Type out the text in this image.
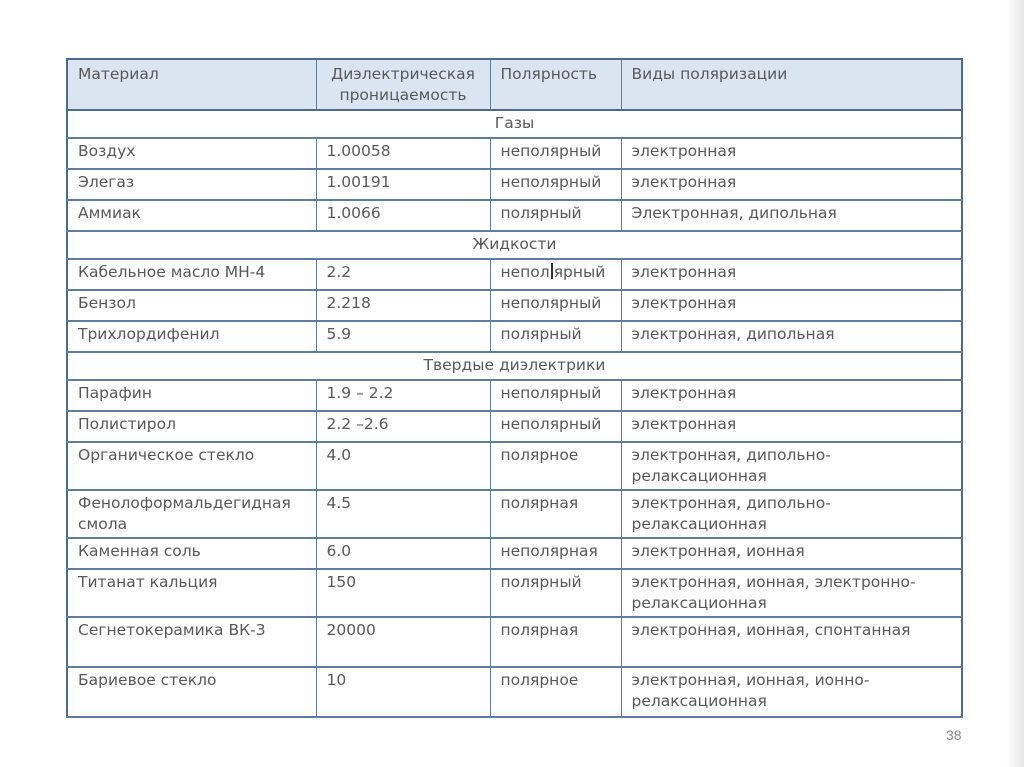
Материал	Диэлектрическая проницаемость	Полярность	Виды поляризации
Газы			
Воздух	1.00058	неполярный	электронная
Элегаз	1.00191	неполярный	электронная
Аммиак	1.0066	полярный	Электронная, дипольная
Жидкости			
Кабельное масло МН-4	2.2	непол ярный	электронная
Бензол	2.218	неполярный	электронная
Трихлордифенил	5.9	полярный	электронная, дипольная
Твердые диэлектрики			
Парафин	1.9 – 2.2	неполярный	электронная
Полистирол	2.2 –2.6	неполярный	электронная
Органическое стекло	4.0	полярное	электронная, дипольно-релаксационная
Фенолоформальдегидная смола	4.5	полярная	электронная, дипольно-релаксационная
Каменная соль	6.0	неполярная	электронная, ионная
Титанат кальция	150	полярный	электронная, ионная, электронно-релаксационная
Сегнетокерамика ВК-3	20000	полярная	электронная, ионная, спонтанная
Бариевое стекло	10	полярное	электронная, ионная, ионно-релаксационная
38
